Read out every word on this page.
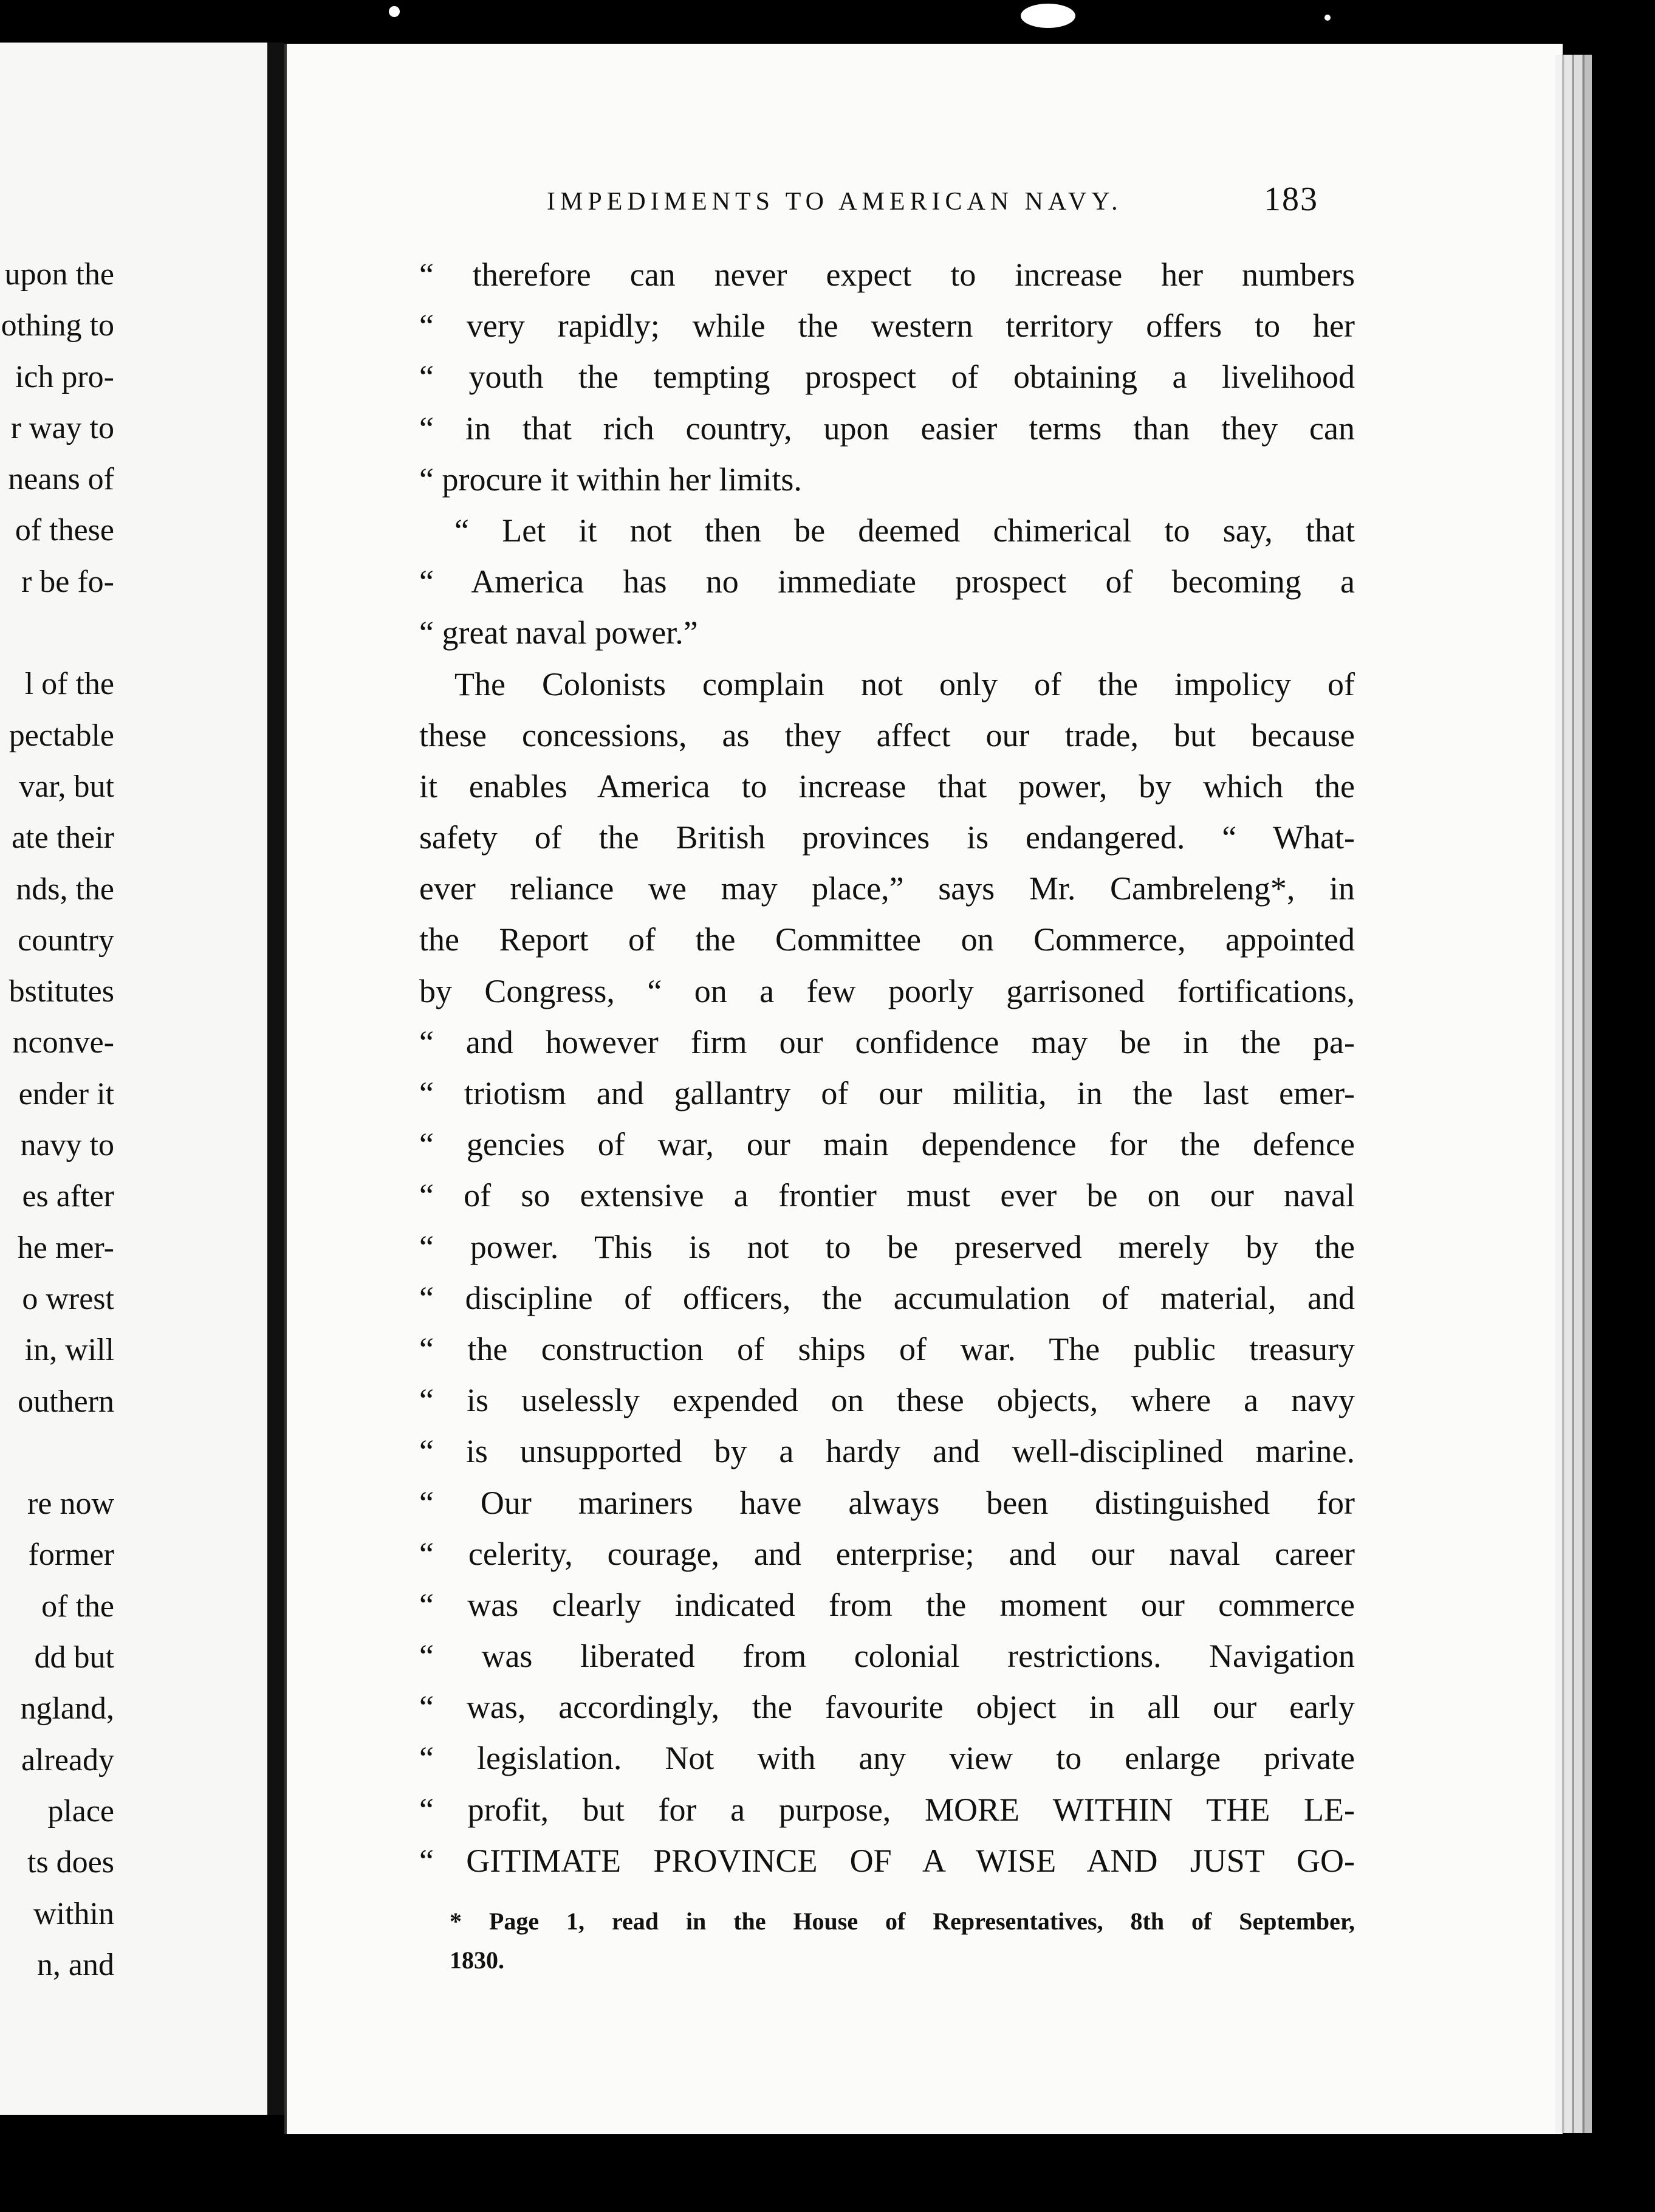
upon the
othing to
ich pro-
r way to
neans of
of these
r be fo-
l of the
pectable
var, but
ate their
nds, the
country
bstitutes
nconve-
ender it
navy to
es after
he mer-
o wrest
in, will
outhern
re now
former
of the
dd but
ngland,
already
place
ts does
within
n, and
IMPEDIMENTS TO AMERICAN NAVY.	183
“ therefore can never expect to increase her numbers
“ very rapidly; while the western territory offers to her
“ youth the tempting prospect of obtaining a livelihood
“ in that rich country, upon easier terms than they can
“ procure it within her limits.
“ Let it not then be deemed chimerical to say, that
“ America has no immediate prospect of becoming a
“ great naval power.”
The Colonists complain not only of the impolicy of
these concessions, as they affect our trade, but because
it enables America to increase that power, by which the
safety of the British provinces is endangered. “ What-
ever reliance we may place,” says Mr. Cambreleng*, in
the Report of the Committee on Commerce, appointed
by Congress, “ on a few poorly garrisoned fortifications,
“ and however firm our confidence may be in the pa-
“ triotism and gallantry of our militia, in the last emer-
“ gencies of war, our main dependence for the defence
“ of so extensive a frontier must ever be on our naval
“ power. This is not to be preserved merely by the
“ discipline of officers, the accumulation of material, and
“ the construction of ships of war. The public treasury
“ is uselessly expended on these objects, where a navy
“ is unsupported by a hardy and well-disciplined marine.
“ Our mariners have always been distinguished for
“ celerity, courage, and enterprise; and our naval career
“ was clearly indicated from the moment our commerce
“ was liberated from colonial restrictions. Navigation
“ was, accordingly, the favourite object in all our early
“ legislation. Not with any view to enlarge private
“ profit, but for a purpose, MORE WITHIN THE LE-
“ GITIMATE PROVINCE OF A WISE AND JUST GO-
* Page 1, read in the House of Representatives, 8th of September,
1830.
